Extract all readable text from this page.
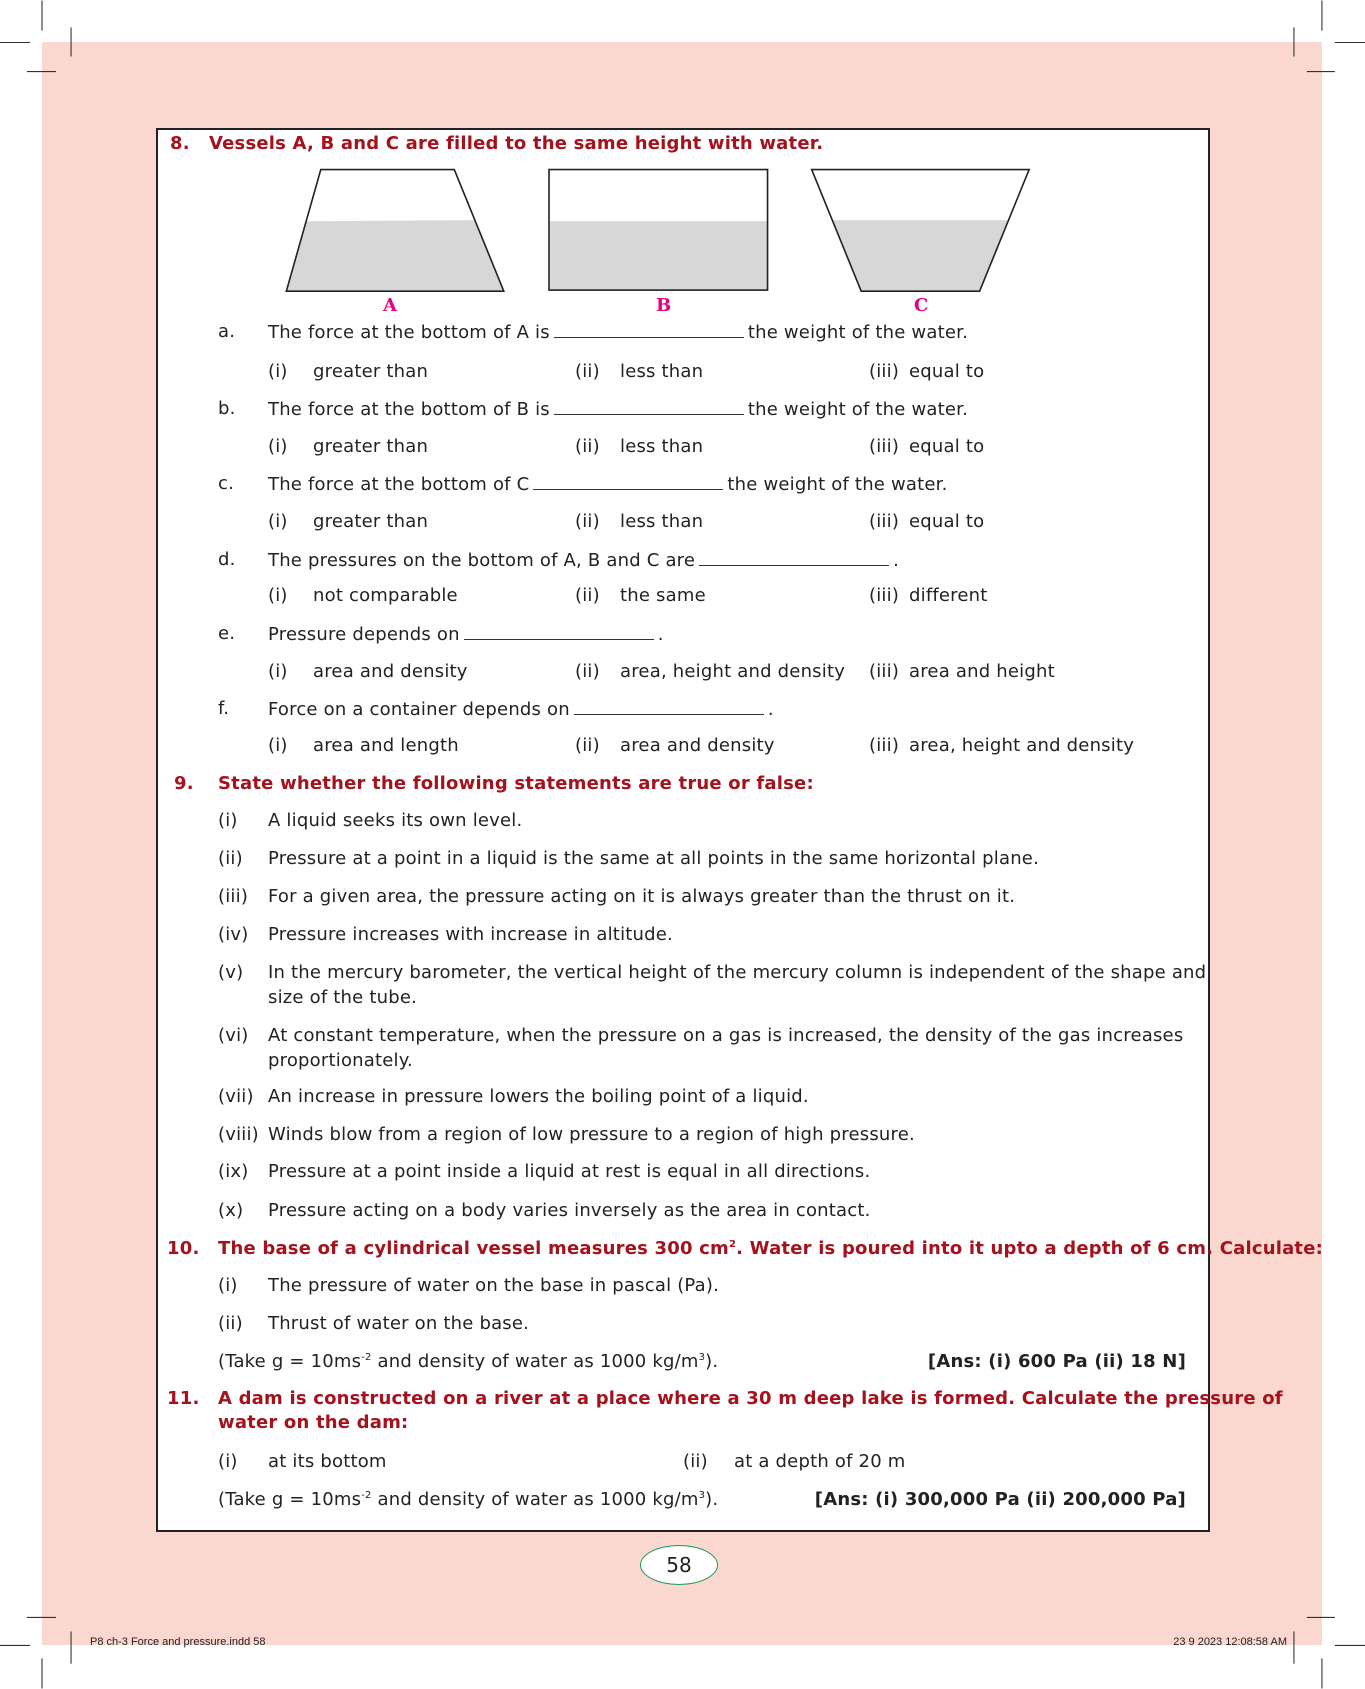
A	B	C
8. Vessels A, B and C are filled to the same height with water.
a. The force at the bottom of A is	the weight of the water.
(i) greater than	(ii) less than	(iii) equal to
b. The force at the bottom of B is	the weight of the water.
(i) greater than	(ii) less than	(iii) equal to
c. The force at the bottom of C	the weight of the water.
(i) greater than	(ii) less than	(iii) equal to
d. The pressures on the bottom of A, B and C are	.
(i) not comparable	(ii) the same	(iii) different
e. Pressure depends on	.
(i) area and density	(ii) area, height and density (iii) area and height
f. Force on a container depends on	.
(i) area and length	(ii) area and density	(iii) area, height and density
9. State whether the following statements are true or false:
(i) A liquid seeks its own level.
(ii) Pressure at a point in a liquid is the same at all points in the same horizontal plane.
(iii) For a given area, the pressure acting on it is always greater than the thrust on it.
(iv) Pressure increases with increase in altitude.
(v) In the mercury barometer, the vertical height of the mercury column is independent of the shape and
size of the tube.
(vi) At constant temperature, when the pressure on a gas is increased, the density of the gas increases
proportionately.
(vii) An increase in pressure lowers the boiling point of a liquid.
(viii) Winds blow from a region of low pressure to a region of high pressure.
(ix) Pressure at a point inside a liquid at rest is equal in all directions.
(x) Pressure acting on a body varies inversely as the area in contact.
10. The base of a cylindrical vessel measures 300 $cm^2$. Water is poured into it upto a depth of 6 cm. Calculate:
(i) The pressure of water on the base in pascal (Pa).
(ii) Thrust of water on the base.
(Take $g = 10ms^{-2}$ and density of water as 1000 $kg/m^3$).	[Ans: (i) 600 Pa (ii) 18 N]
11. A dam is constructed on a river at a place where a 30 m deep lake is formed. Calculate the pressure of
water on the dam:
(i) at its bottom	(ii) at a depth of 20 m
(Take $g = 10ms^{-2}$ and density of water as 1000 $kg/m^3$).	[Ans: (i) 300,000 Pa (ii) 200,000 Pa]
58
P8 ch-3 Force and pressure.indd 58	23 9 2023 12:08:58 AM
